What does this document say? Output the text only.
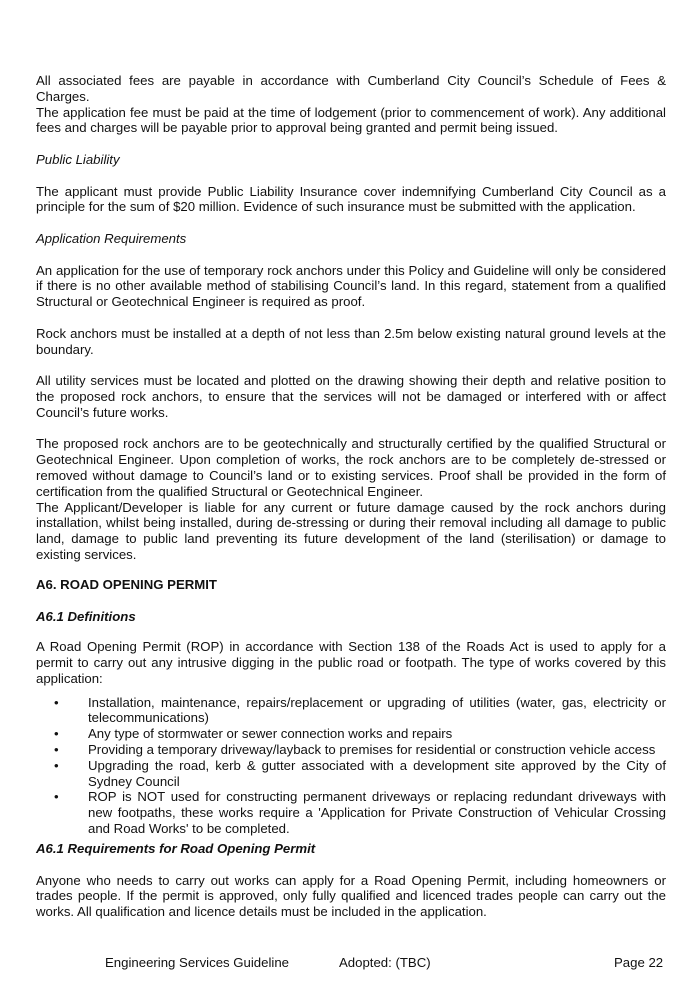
All associated fees are payable in accordance with Cumberland City Council’s Schedule of Fees & Charges.

The application fee must be paid at the time of lodgement (prior to commencement of work). Any additional fees and charges will be payable prior to approval being granted and permit being issued.

Public Liability

The applicant must provide Public Liability Insurance cover indemnifying Cumberland City Council as a principle for the sum of $20 million. Evidence of such insurance must be submitted with the application.

Application Requirements

An application for the use of temporary rock anchors under this Policy and Guideline will only be considered if there is no other available method of stabilising Council’s land. In this regard, statement from a qualified Structural or Geotechnical Engineer is required as proof.

Rock anchors must be installed at a depth of not less than 2.5m below existing natural ground levels at the boundary.

All utility services must be located and plotted on the drawing showing their depth and relative position to the proposed rock anchors, to ensure that the services will not be damaged or interfered with or affect Council’s future works.

The proposed rock anchors are to be geotechnically and structurally certified by the qualified Structural or Geotechnical Engineer. Upon completion of works, the rock anchors are to be completely de-stressed or removed without damage to Council’s land or to existing services. Proof shall be provided in the form of certification from the qualified Structural or Geotechnical Engineer.

The Applicant/Developer is liable for any current or future damage caused by the rock anchors during installation, whilst being installed, during de-stressing or during their removal including all damage to public land, damage to public land preventing its future development of the land (sterilisation) or damage to existing services.

A6. ROAD OPENING PERMIT

A6.1 Definitions

A Road Opening Permit (ROP) in accordance with Section 138 of the Roads Act is used to apply for a permit to carry out any intrusive digging in the public road or footpath. The type of works covered by this application:

• Installation, maintenance, repairs/replacement or upgrading of utilities (water, gas, electricity or telecommunications)
• Any type of stormwater or sewer connection works and repairs
• Providing a temporary driveway/layback to premises for residential or construction vehicle access
• Upgrading the road, kerb & gutter associated with a development site approved by the City of Sydney Council
• ROP is NOT used for constructing permanent driveways or replacing redundant driveways with new footpaths, these works require a 'Application for Private Construction of Vehicular Crossing and Road Works' to be completed.

A6.1 Requirements for Road Opening Permit

Anyone who needs to carry out works can apply for a Road Opening Permit, including homeowners or trades people. If the permit is approved, only fully qualified and licenced trades people can carry out the works. All qualification and licence details must be included in the application.

Engineering Services Guideline	Adopted: (TBC)	Page 22
